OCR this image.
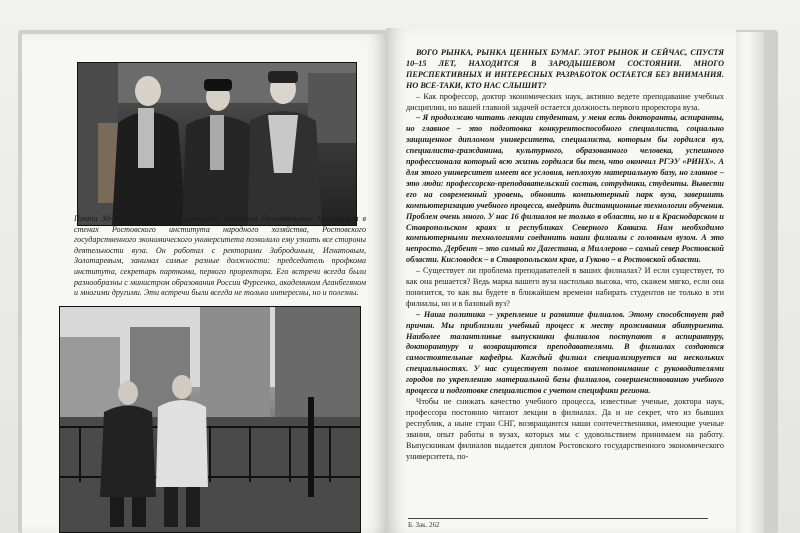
Почти 30-летие, проведенное ректором Николаем Геннадиевичем Кузнецовым в стенах Ростовского института народного хозяйства, Ростовского государственного экономического университета позволило ему узнать все стороны деятельности вуза. Он работал с ректорами Забродиным, Игнатовым, Золотаревым, занимал самые разные должности: председатель профкома института, секретарь парткома, первого проректора. Его встречи всегда были разнообразны с министром образования России Фурсенко, академиком Аганбегяном и многими другими. Эти встречи были всегда не только интересны, но и полезны.

ВОГО РЫНКА, РЫНКА ЦЕННЫХ БУМАГ. ЭТОТ РЫНОК И СЕЙЧАС, СПУСТЯ 10–15 ЛЕТ, НАХОДИТСЯ В ЗАРОДЫШЕВОМ СОСТОЯНИИ. МНОГО ПЕРСПЕКТИВНЫХ И ИНТЕРЕСНЫХ РАЗРАБОТОК ОСТАЕТСЯ БЕЗ ВНИМАНИЯ. НО ВСЕ-ТАКИ, КТО НАС СЛЫШИТ?

– Как профессор, доктор экономических наук, активно ведете преподавание учебных дисциплин, но вашей главной задачей остается должность первого проректора вуза.

– Я продолжаю читать лекции студентам, у меня есть докторанты, аспиранты, но главное – это подготовка конкурентоспособного специалиста, социально защищенное дипломом университета, специалиста, которым бы гордился вуз, специалиста-гражданина, культурного, образованного человека, успешного профессионала который всю жизнь гордился бы тем, что окончил РГЭУ «РИНХ». А для этого университет имеет все условия, неплохую материальную базу, но главное – это люди: профессорско-преподавательский состав, сотрудники, студенты. Вывести его на современный уровень, обновить компьютерный парк вуза, завершить компьютеризацию учебного процесса, внедрить дистанционные технологии обучения. Проблем очень много. У нас 16 филиалов не только в области, но и в Краснодарском и Ставропольском краях и республиках Северного Кавказа. Нам необходимо компьютерными технологиями соединить наши филиалы с головным вузом. А это непросто. Дербент – это самый юг Дагестана, а Миллерово – самый север Ростовской области. Кисловодск – в Ставропольском крае, а Гуково – в Ростовской области.

– Существует ли проблема преподавателей в ваших филиалах? И если существует, то как она решается? Ведь марка вашего вуза настолько высока, что, скажем мягко, если она понизится, то как вы будете в ближайшем времени набирать студентов не только в эти филиалы, но и в базовый вуз?

– Наша политика – укрепление и развитие филиалов. Этому способствует ряд причин. Мы приблизили учебный процесс к месту проживания абитуриента. Наиболее талантливые выпускники филиалов поступают в аспирантуру, докторантуру и возвращаются преподавателями. В филиалах создаются самостоятельные кафедры. Каждый филиал специализируется на нескольких специальностях. У нас существует полное взаимопонимание с руководителями городов по укреплению материальной базы филиалов, совершенствованию учебного процесса и подготовке специалистов с учетом специфики региона.

Чтобы не снижать качество учебного процесса, известные ученые, доктора наук, профессора постоянно читают лекции в филиалах. Да и не секрет, что из бывших республик, а ныне стран СНГ, возвращаются наши соотечественники, имеющие ученые звания, опыт работы в вузах, которых мы с удовольствием принимаем на работу. Выпускникам филиалов выдается диплом Ростовского государственного экономического университета, по-

Б. Зак. 262
